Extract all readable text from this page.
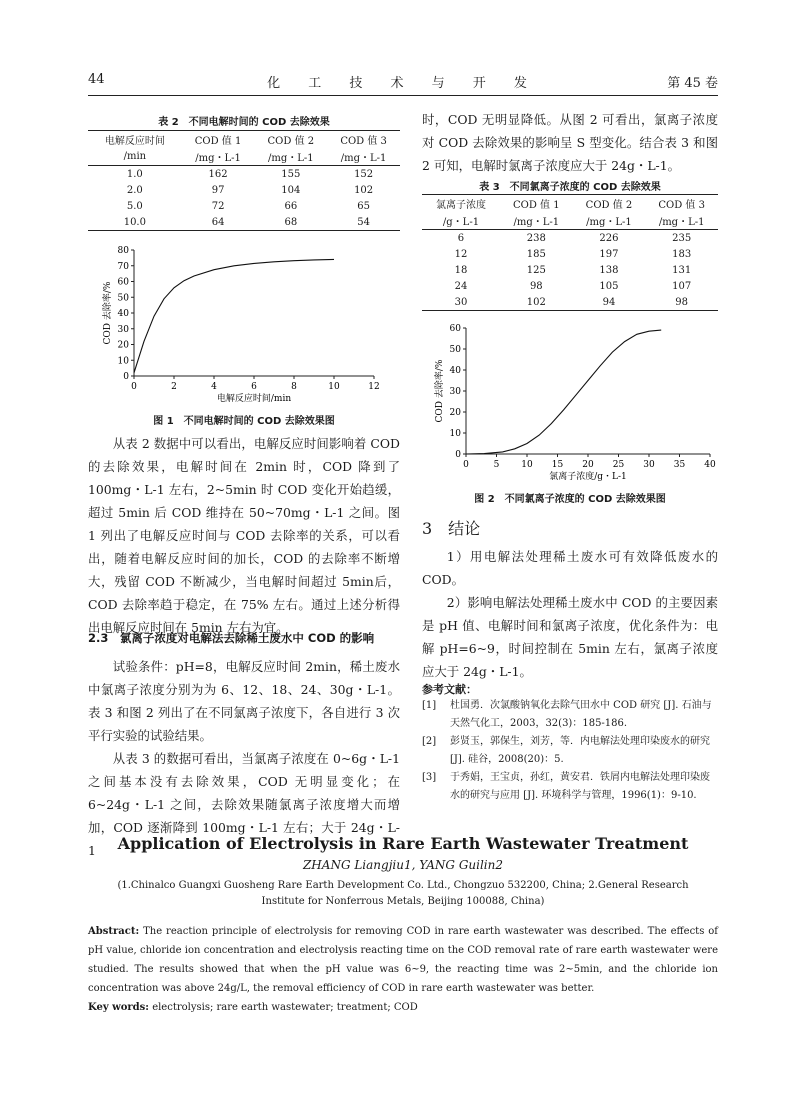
44	化 工 技 术 与 开 发	第 45 卷
表 2　不同电解时间的 COD 去除效果
电解反应时间	COD 值 1	COD 值 2	COD 值 3
/min	/mg・L-1	/mg・L-1	/mg・L-1
1.0	162	155	152
2.0	97	104	102
5.0	72	66	65
10.0	64	68	54
0	2	4	6	8	10	12
0
10
20
30
40
50
60
70
80
电解反应时间/min
COD 去除率/%
图 1　不同电解时间的 COD 去除效果图

从表 2 数据中可以看出，电解反应时间影响着 COD 的去除效果，电解时间在 2min 时，COD 降到了 100mg・L-1 左右，2~5min 时 COD 变化开始趋缓，超过 5min 后 COD 维持在 50~70mg・L-1 之间。图 1 列出了电解反应时间与 COD 去除率的关系，可以看出，随着电解反应时间的加长，COD 的去除率不断增大，残留 COD 不断减少，当电解时间超过 5min后，COD 去除率趋于稳定，在 75% 左右。通过上述分析得出电解反应时间在 5min 左右为宜。

2.3　氯离子浓度对电解法去除稀土废水中 COD 的影响

试验条件：pH=8，电解反应时间 2min，稀土废水中氯离子浓度分别为为 6、12、18、24、30g・L-1。表 3 和图 2 列出了在不同氯离子浓度下，各自进行 3 次平行实验的试验结果。

从表 3 的数据可看出，当氯离子浓度在 0~6g・L-1 之间基本没有去除效果，COD 无明显变化；在 6~24g・L-1 之间，去除效果随氯离子浓度增大而增加，COD 逐渐降到 100mg・L-1 左右；大于 24g・L-1

时，COD 无明显降低。从图 2 可看出，氯离子浓度对 COD 去除效果的影响呈 S 型变化。结合表 3 和图 2 可知，电解时氯离子浓度应大于 24g・L-1。

表 3　不同氯离子浓度的 COD 去除效果
氯离子浓度	COD 值 1	COD 值 2	COD 值 3
/g・L-1	/mg・L-1	/mg・L-1	/mg・L-1
6	238	226	235
12	185	197	183
18	125	138	131
24	98	105	107
30	102	94	98
0	5 10 15 20 25 30 35 40
0
10
20
30
40
50
60
氯离子浓度/g・L-1
COD 去除率/%
图 2　不同氯离子浓度的 COD 去除效果图
3　结论

1）用电解法处理稀土废水可有效降低废水的 COD。

2）影响电解法处理稀土废水中 COD 的主要因素是 pH 值、电解时间和氯离子浓度，优化条件为：电解 pH=6~9，时间控制在 5min 左右，氯离子浓度应大于 24g・L-1。

参考文献：
[1] 杜国勇．次氯酸钠氧化去除气田水中 COD 研究 [J]. 石油与天然气化工，2003，32(3)：185-186.
[2] 彭贤玉，郭保生，刘芳，等．内电解法处理印染废水的研究 [J]. 硅谷，2008(20)：5.
[3] 于秀娟，王宝贞，孙红，黄安君．铁屑内电解法处理印染废水的研究与应用 [J]. 环境科学与管理，1996(1)：9-10.
Application of Electrolysis in Rare Earth Wastewater Treatment
ZHANG Liangjiu1, YANG Guilin2
(1.Chinalco Guangxi Guosheng Rare Earth Development Co. Ltd., Chongzuo 532200, China; 2.General Research Institute for Nonferrous Metals, Beijing 100088, China)
Abstract: The reaction principle of electrolysis for removing COD in rare earth wastewater was described. The effects of pH value, chloride ion concentration and electrolysis reacting time on the COD removal rate of rare earth wastewater were studied. The results showed that when the pH value was 6~9, the reacting time was 2~5min, and the chloride ion concentration was above 24g/L, the removal efficiency of COD in rare earth wastewater was better.
Key words: electrolysis; rare earth wastewater; treatment; COD
